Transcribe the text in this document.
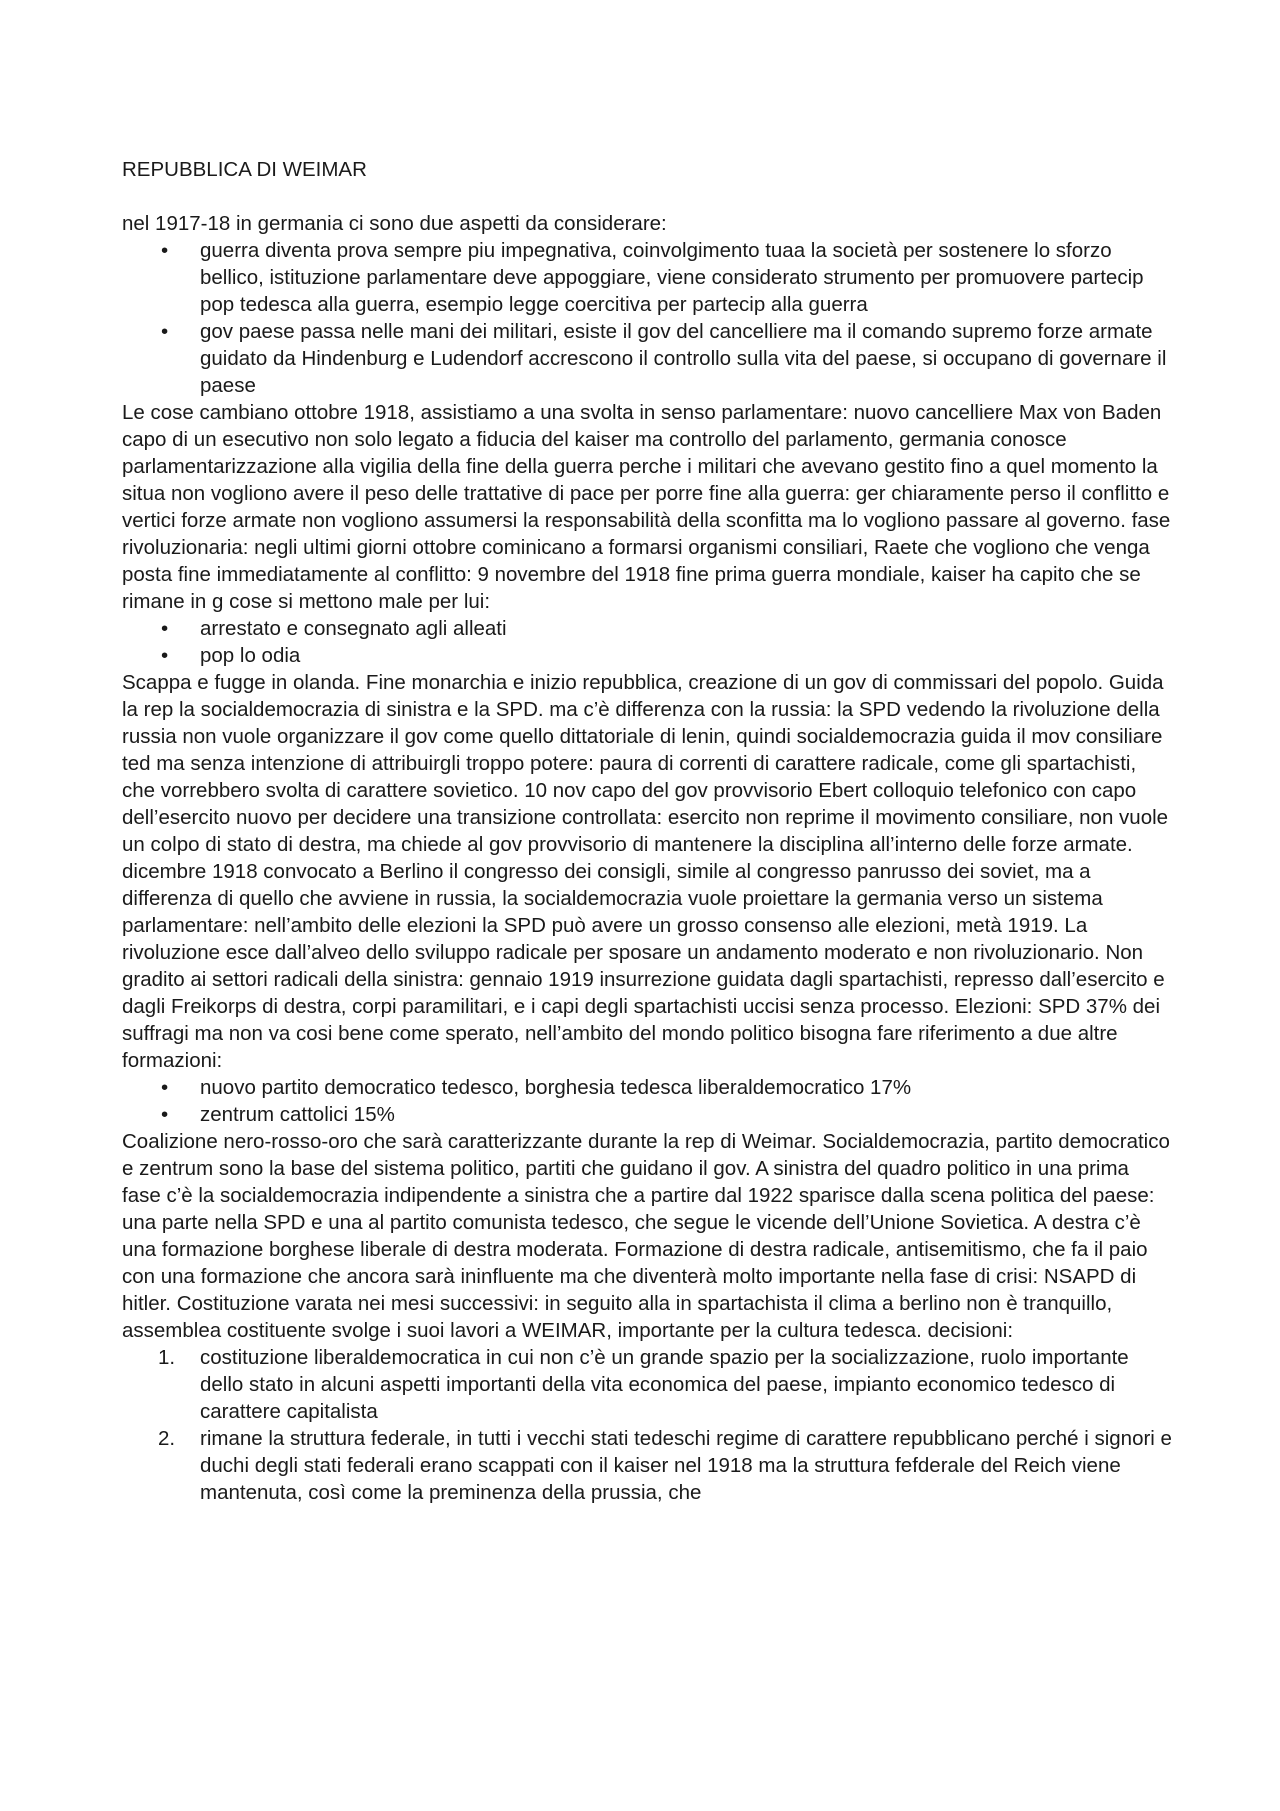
REPUBBLICA DI WEIMAR

nel 1917-18 in germania ci sono due aspetti da considerare:

• guerra diventa prova sempre piu impegnativa, coinvolgimento tuaa la società per sostenere lo sforzo bellico, istituzione parlamentare deve appoggiare, viene considerato strumento per promuovere partecip pop tedesca alla guerra, esempio legge coercitiva per partecip alla guerra
• gov paese passa nelle mani dei militari, esiste il gov del cancelliere ma il comando supremo forze armate guidato da Hindenburg e Ludendorf accrescono il controllo sulla vita del paese, si occupano di governare il paese

Le cose cambiano ottobre 1918, assistiamo a una svolta in senso parlamentare: nuovo cancelliere Max von Baden capo di un esecutivo non solo legato a fiducia del kaiser ma controllo del parlamento, germania conosce parlamentarizzazione alla vigilia della fine della guerra perche i militari che avevano gestito fino a quel momento la situa non vogliono avere il peso delle trattative di pace per porre fine alla guerra: ger chiaramente perso il conflitto e vertici forze armate non vogliono assumersi la responsabilità della sconfitta ma lo vogliono passare al governo. fase rivoluzionaria: negli ultimi giorni ottobre cominicano a formarsi organismi consiliari, Raete che vogliono che venga posta fine immediatamente al conflitto: 9 novembre del 1918 fine prima guerra mondiale, kaiser ha capito che se rimane in g cose si mettono male per lui:

• arrestato e consegnato agli alleati
• pop lo odia

Scappa e fugge in olanda. Fine monarchia e inizio repubblica, creazione di un gov di commissari del popolo. Guida la rep la socialdemocrazia di sinistra e la SPD. ma c’è differenza con la russia: la SPD vedendo la rivoluzione della russia non vuole organizzare il gov come quello dittatoriale di lenin, quindi socialdemocrazia guida il mov consiliare ted ma senza intenzione di attribuirgli troppo potere: paura di correnti di carattere radicale, come gli spartachisti, che vorrebbero svolta di carattere sovietico. 10 nov capo del gov provvisorio Ebert colloquio telefonico con capo dell’esercito nuovo per decidere una transizione controllata: esercito non reprime il movimento consiliare, non vuole un colpo di stato di destra, ma chiede al gov provvisorio di mantenere la disciplina all’interno delle forze armate. dicembre 1918 convocato a Berlino il congresso dei consigli, simile al congresso panrusso dei soviet, ma a differenza di quello che avviene in russia, la socialdemocrazia vuole proiettare la germania verso un sistema parlamentare: nell’ambito delle elezioni la SPD può avere un grosso consenso alle elezioni, metà 1919. La rivoluzione esce dall’alveo dello sviluppo radicale per sposare un andamento moderato e non rivoluzionario. Non gradito ai settori radicali della sinistra: gennaio 1919 insurrezione guidata dagli spartachisti, represso dall’esercito e dagli Freikorps di destra, corpi paramilitari, e i capi degli spartachisti uccisi senza processo. Elezioni: SPD 37% dei suffragi ma non va cosi bene come sperato, nell’ambito del mondo politico bisogna fare riferimento a due altre formazioni:

• nuovo partito democratico tedesco, borghesia tedesca liberaldemocratico 17%
• zentrum cattolici 15%

Coalizione nero-rosso-oro che sarà caratterizzante durante la rep di Weimar. Socialdemocrazia, partito democratico e zentrum sono la base del sistema politico, partiti che guidano il gov. A sinistra del quadro politico in una prima fase c’è la socialdemocrazia indipendente a sinistra che a partire dal 1922 sparisce dalla scena politica del paese: una parte nella SPD e una al partito comunista tedesco, che segue le vicende dell’Unione Sovietica. A destra c’è una formazione borghese liberale di destra moderata. Formazione di destra radicale, antisemitismo, che fa il paio con una formazione che ancora sarà ininfluente ma che diventerà molto importante nella fase di crisi: NSAPD di hitler. Costituzione varata nei mesi successivi: in seguito alla in spartachista il clima a berlino non è tranquillo, assemblea costituente svolge i suoi lavori a WEIMAR, importante per la cultura tedesca. decisioni:

1. costituzione liberaldemocratica in cui non c’è un grande spazio per la socializzazione, ruolo importante dello stato in alcuni aspetti importanti della vita economica del paese, impianto economico tedesco di carattere capitalista
2. rimane la struttura federale, in tutti i vecchi stati tedeschi regime di carattere repubblicano perché i signori e duchi degli stati federali erano scappati con il kaiser nel 1918 ma la struttura fefderale del Reich viene mantenuta, così come la preminenza della prussia, che
